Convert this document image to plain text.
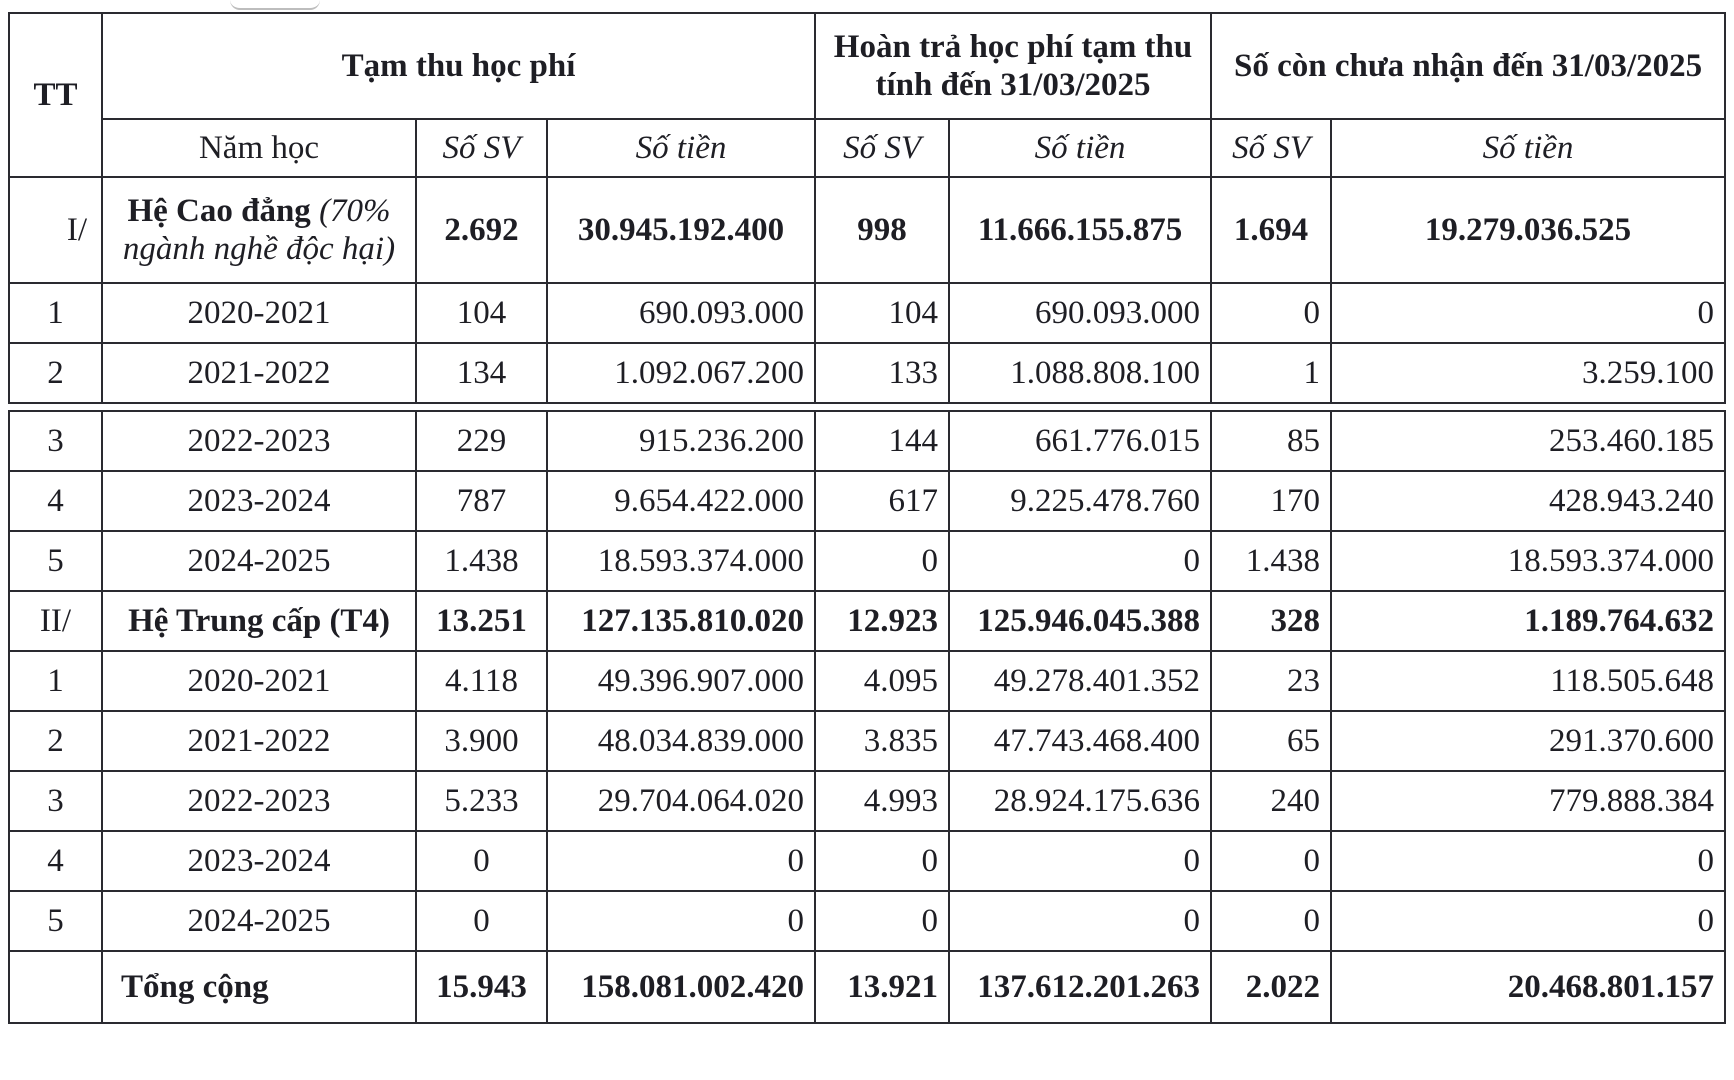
TT	Tạm thu học phí			Hoàn trả học phí tạm thu tính đến 31/03/2025		Số còn chưa nhận đến 31/03/2025	
	Năm học	Số SV	Số tiền	Số SV	Số tiền	Số SV	Số tiền
I/	Hệ Cao đẳng (70% ngành nghề độc hại)	2.692	30.945.192.400	998	11.666.155.875	1.694	19.279.036.525
1	2020-2021	104	690.093.000	104	690.093.000	0	0
2	2021-2022	134	1.092.067.200	133	1.088.808.100	1	3.259.100

3	2022-2023	229	915.236.200	144	661.776.015	85	253.460.185
4	2023-2024	787	9.654.422.000	617	9.225.478.760	170	428.943.240
5	2024-2025	1.438	18.593.374.000	0	0	1.438	18.593.374.000
II/	Hệ Trung cấp (T4)	13.251	127.135.810.020	12.923	125.946.045.388	328	1.189.764.632
1	2020-2021	4.118	49.396.907.000	4.095	49.278.401.352	23	118.505.648
2	2021-2022	3.900	48.034.839.000	3.835	47.743.468.400	65	291.370.600
3	2022-2023	5.233	29.704.064.020	4.993	28.924.175.636	240	779.888.384
4	2023-2024	0	0	0	0	0	0
5	2024-2025	0	0	0	0	0	0
	Tổng cộng	15.943	158.081.002.420	13.921	137.612.201.263	2.022	20.468.801.157
